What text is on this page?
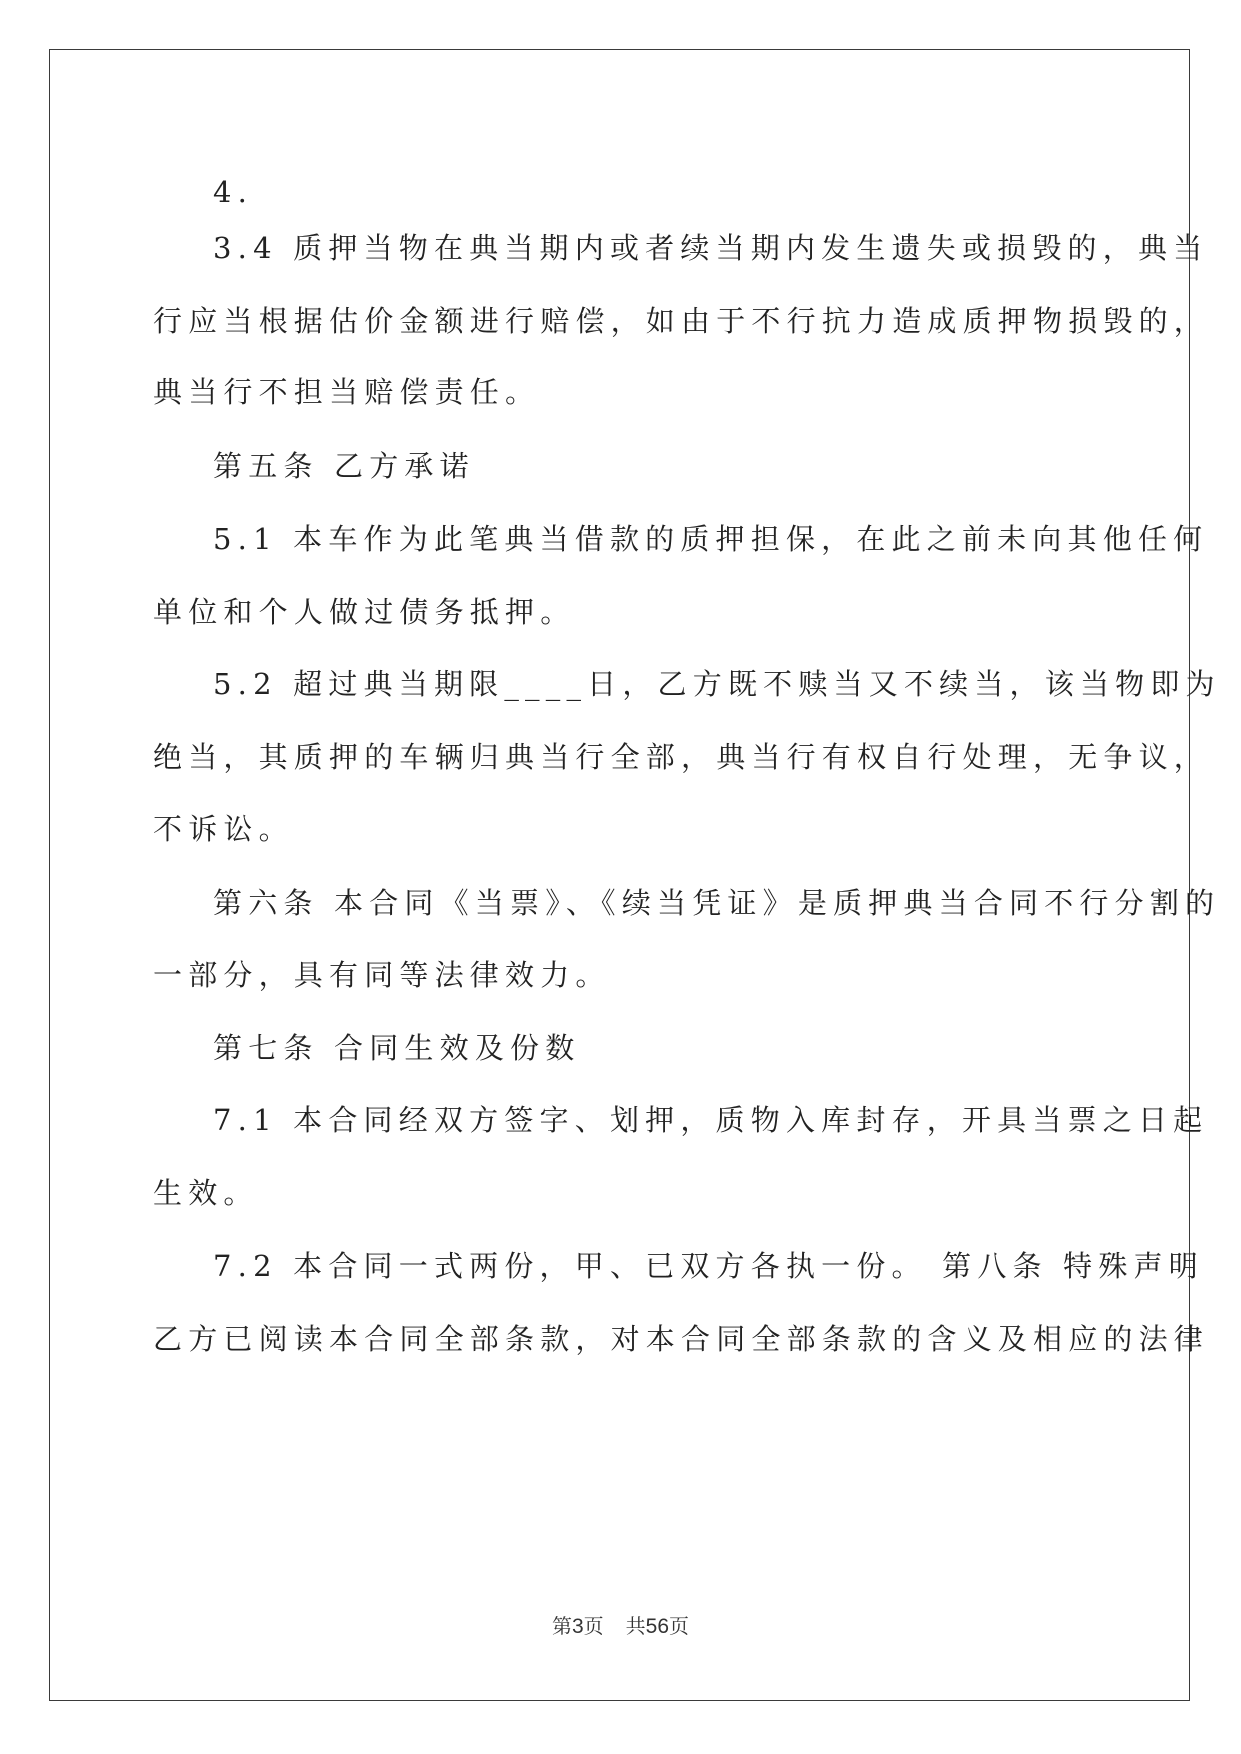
4.

3.4 质押当物在典当期内或者续当期内发生遗失或损毁的，典当

行应当根据估价金额进行赔偿，如由于不行抗力造成质押物损毁的，

典当行不担当赔偿责任。

第五条 乙方承诺

5.1 本车作为此笔典当借款的质押担保，在此之前未向其他任何

单位和个人做过债务抵押。

5.2 超过典当期限____日，乙方既不赎当又不续当，该当物即为

绝当，其质押的车辆归典当行全部，典当行有权自行处理，无争议，

不诉讼。

第六条 本合同《当票》、《续当凭证》是质押典当合同不行分割的

一部分，具有同等法律效力。

第七条 合同生效及份数

7.1 本合同经双方签字、划押，质物入库封存，开具当票之日起

生效。

7.2 本合同一式两份，甲、已双方各执一份。 第八条 特殊声明

乙方已阅读本合同全部条款，对本合同全部条款的含义及相应的法律

第3页 共56页
